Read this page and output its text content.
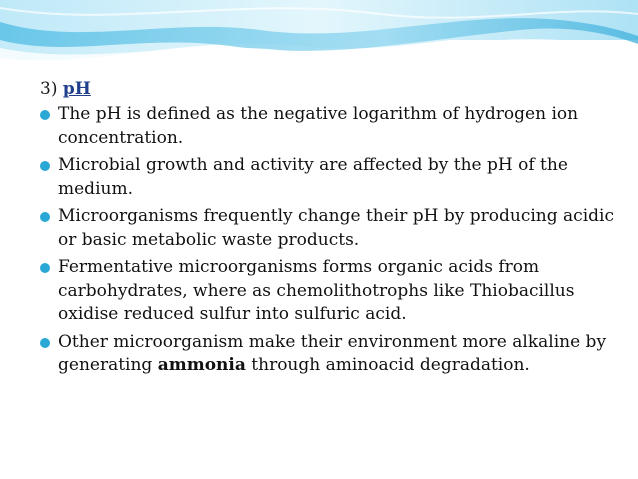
3) pH
The pH is defined as the negative logarithm of hydrogen ion concentration.
Microbial growth and activity are affected by the pH of the medium.
Microorganisms frequently change their pH by producing acidic or basic metabolic waste products.
Fermentative microorganisms forms organic acids from carbohydrates, where as chemolithotrophs like Thiobacillus oxidise reduced sulfur into sulfuric acid.
Other microorganism make their environment more alkaline by generating ammonia through aminoacid degradation.
